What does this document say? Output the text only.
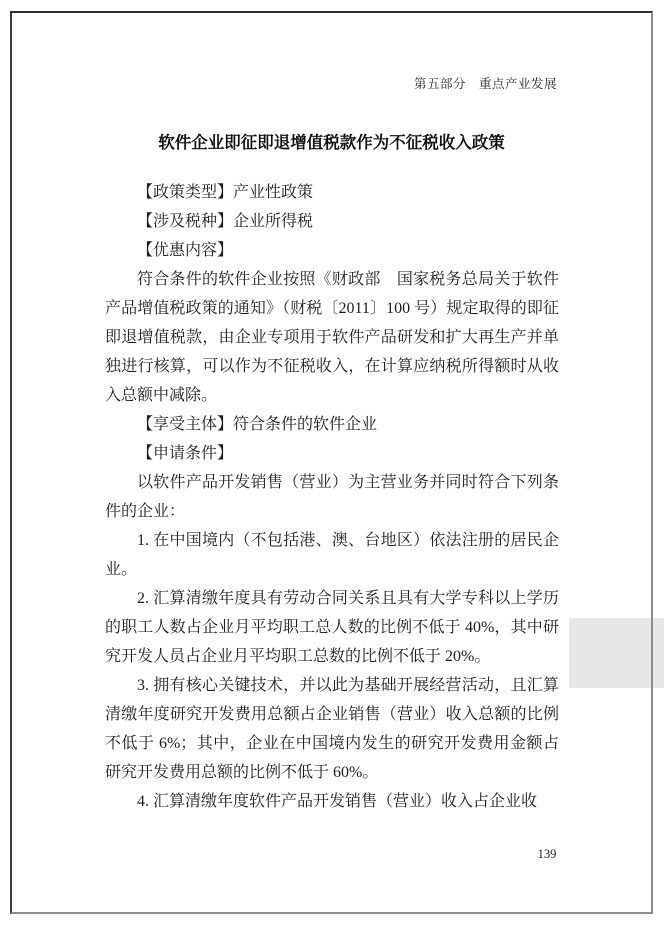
第五部分　重点产业发展
软件企业即征即退增值税款作为不征税收入政策

【政策类型】产业性政策

【涉及税种】企业所得税

【优惠内容】

符合条件的软件企业按照《财政部　国家税务总局关于软件产品增值税政策的通知》（财税〔2011〕100 号）规定取得的即征即退增值税款，由企业专项用于软件产品研发和扩大再生产并单独进行核算，可以作为不征税收入，在计算应纳税所得额时从收入总额中减除。

【享受主体】符合条件的软件企业

【申请条件】

以软件产品开发销售（营业）为主营业务并同时符合下列条件的企业：

1. 在中国境内（不包括港、澳、台地区）依法注册的居民企业。

2. 汇算清缴年度具有劳动合同关系且具有大学专科以上学历的职工人数占企业月平均职工总人数的比例不低于 40%，其中研究开发人员占企业月平均职工总数的比例不低于 20%。

3. 拥有核心关键技术，并以此为基础开展经营活动，且汇算清缴年度研究开发费用总额占企业销售（营业）收入总额的比例不低于 6%；其中，企业在中国境内发生的研究开发费用金额占研究开发费用总额的比例不低于 60%。

4. 汇算清缴年度软件产品开发销售（营业）收入占企业收

139
